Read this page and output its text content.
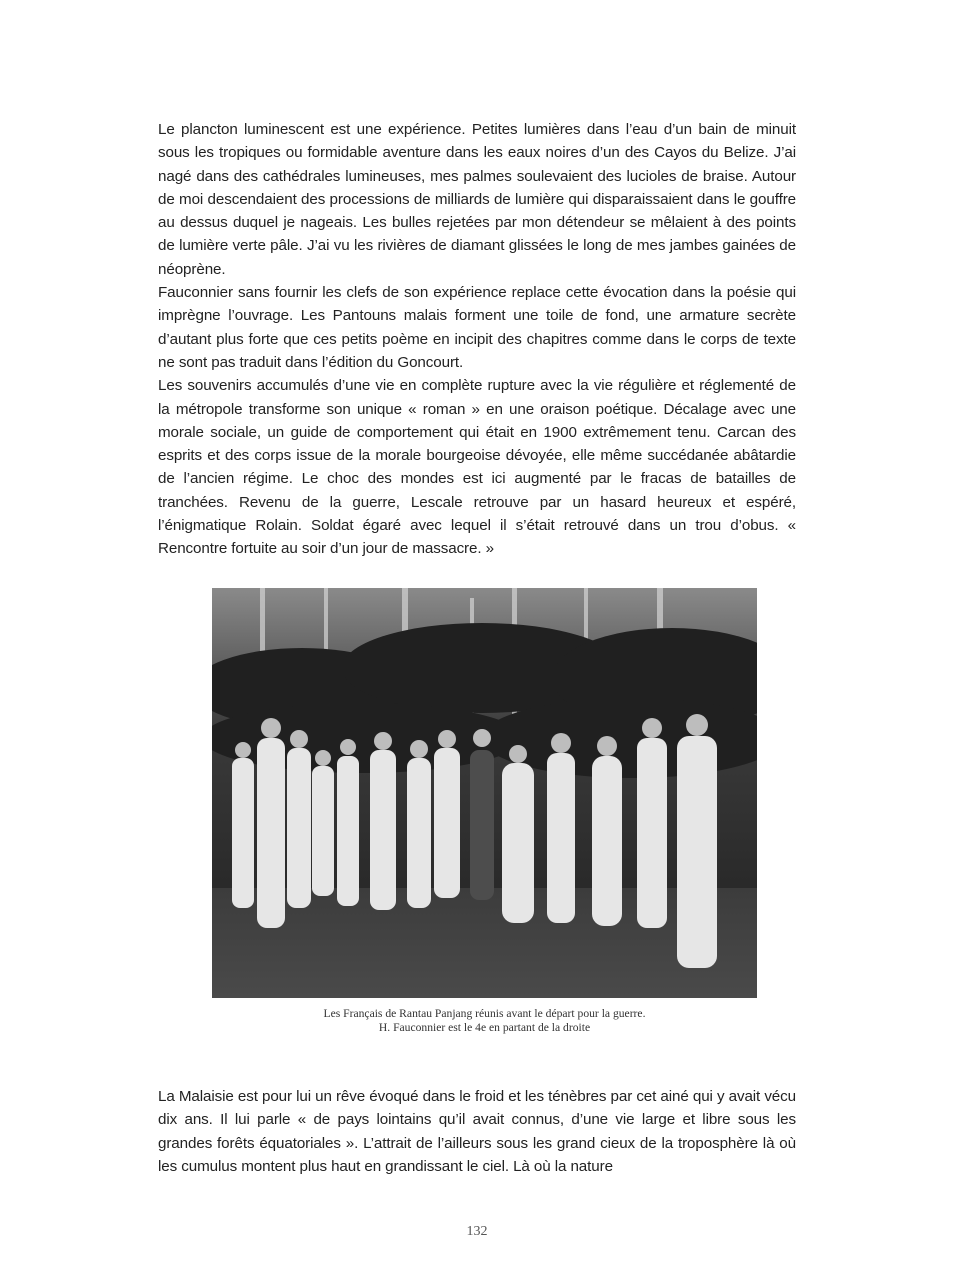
Le plancton luminescent est une expérience. Petites lumières dans l’eau d’un bain de minuit sous les tropiques ou formidable aventure dans les eaux noires d’un des Cayos du Belize. J’ai nagé dans des cathédrales lumineuses, mes palmes soulevaient des lucioles de braise. Autour de moi descendaient des processions de milliards de lumière qui disparaissaient dans le gouffre au dessus duquel je nageais. Les bulles rejetées par mon détendeur se mêlaient à des points de lumière verte pâle. J’ai vu les rivières de diamant glissées le long de mes jambes gainées de néoprène.

Fauconnier sans fournir les clefs de son expérience replace cette évocation dans la poésie qui imprègne l’ouvrage. Les Pantouns malais forment une toile de fond, une armature secrète d’autant plus forte que ces petits poème en incipit des chapitres comme dans le corps de texte ne sont pas traduit dans l’édition du Goncourt.

Les souvenirs accumulés d’une vie en complète rupture avec la vie régulière et réglementé de la métropole transforme son unique « roman » en une oraison poétique. Décalage avec une morale sociale, un guide de comportement qui était en 1900 extrêmement tenu. Carcan des esprits et des corps issue de la morale bourgeoise dévoyée, elle même succédanée abâtardie de l’ancien régime. Le choc des mondes est ici augmenté par le fracas de batailles de tranchées. Revenu de la guerre, Lescale retrouve par un hasard heureux et espéré, l’énigmatique Rolain. Soldat égaré avec lequel il s’était retrouvé dans un trou d’obus. « Rencontre fortuite au soir d’un jour de massacre. »

Les Français de Rantau Panjang réunis avant le départ pour la guerre.
H. Fauconnier est le 4e en partant de la droite

La Malaisie est pour lui un rêve évoqué dans le froid et les ténèbres par cet ainé qui y avait vécu dix ans. Il lui parle « de pays lointains qu’il avait connus, d’une vie large et libre sous les grandes forêts équatoriales ». L’attrait de l’ailleurs sous les grand cieux de la troposphère là où les cumulus montent plus haut en grandissant le ciel. Là où la nature

132
